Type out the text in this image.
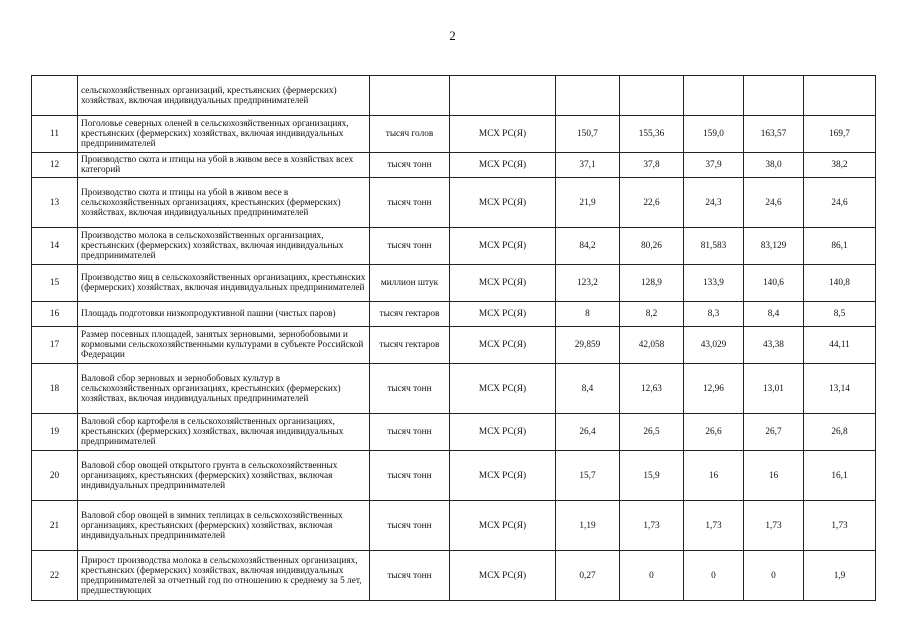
2
	сельскохозяйственных организаций, крестьянских (фермерских) хозяйствах, включая индивидуальных предпринимателей							
11	Поголовье северных оленей в сельскохозяйственных организациях, крестьянских (фермерских) хозяйствах, включая индивидуальных предпринимателей	тысяч голов	МСХ РС(Я)	150,7	155,36	159,0	163,57	169,7
12	Производство скота и птицы на убой в живом весе в хозяйствах всех категорий	тысяч тонн	МСХ РС(Я)	37,1	37,8	37,9	38,0	38,2
13	Производство скота и птицы на убой в живом весе в сельскохозяйственных организациях, крестьянских (фермерских) хозяйствах, включая индивидуальных предпринимателей	тысяч тонн	МСХ РС(Я)	21,9	22,6	24,3	24,6	24,6
14	Производство молока в сельскохозяйственных организациях, крестьянских (фермерских) хозяйствах, включая индивидуальных предпринимателей	тысяч тонн	МСХ РС(Я)	84,2	80,26	81,583	83,129	86,1
15	Производство яиц в сельскохозяйственных организациях, крестьянских (фермерских) хозяйствах, включая индивидуальных предпринимателей	миллион штук	МСХ РС(Я)	123,2	128,9	133,9	140,6	140,8
16	Площадь подготовки низкопродуктивной пашни (чистых паров)	тысяч гектаров	МСХ РС(Я)	8	8,2	8,3	8,4	8,5
17	Размер посевных площадей, занятых зерновыми, зернобобовыми и кормовыми сельскохозяйственными культурами в субъекте Российской Федерации	тысяч гектаров	МСХ РС(Я)	29,859	42,058	43,029	43,38	44,11
18	Валовой сбор зерновых и зернобобовых культур в сельскохозяйственных организациях, крестьянских (фермерских) хозяйствах, включая индивидуальных предпринимателей	тысяч тонн	МСХ РС(Я)	8,4	12,63	12,96	13,01	13,14
19	Валовой сбор картофеля в сельскохозяйственных организациях, крестьянских (фермерских) хозяйствах, включая индивидуальных предпринимателей	тысяч тонн	МСХ РС(Я)	26,4	26,5	26,6	26,7	26,8
20	Валовой сбор овощей открытого грунта в сельскохозяйственных организациях, крестьянских (фермерских) хозяйствах, включая индивидуальных предпринимателей	тысяч тонн	МСХ РС(Я)	15,7	15,9	16	16	16,1
21	Валовой сбор овощей в зимних теплицах в сельскохозяйственных организациях, крестьянских (фермерских) хозяйствах, включая индивидуальных предпринимателей	тысяч тонн	МСХ РС(Я)	1,19	1,73	1,73	1,73	1,73
22	Прирост производства молока в сельскохозяйственных организациях, крестьянских (фермерских) хозяйствах, включая индивидуальных предпринимателей за отчетный год по отношению к среднему за 5 лет, предшествующих	тысяч тонн	МСХ РС(Я)	0,27	0	0	0	1,9
